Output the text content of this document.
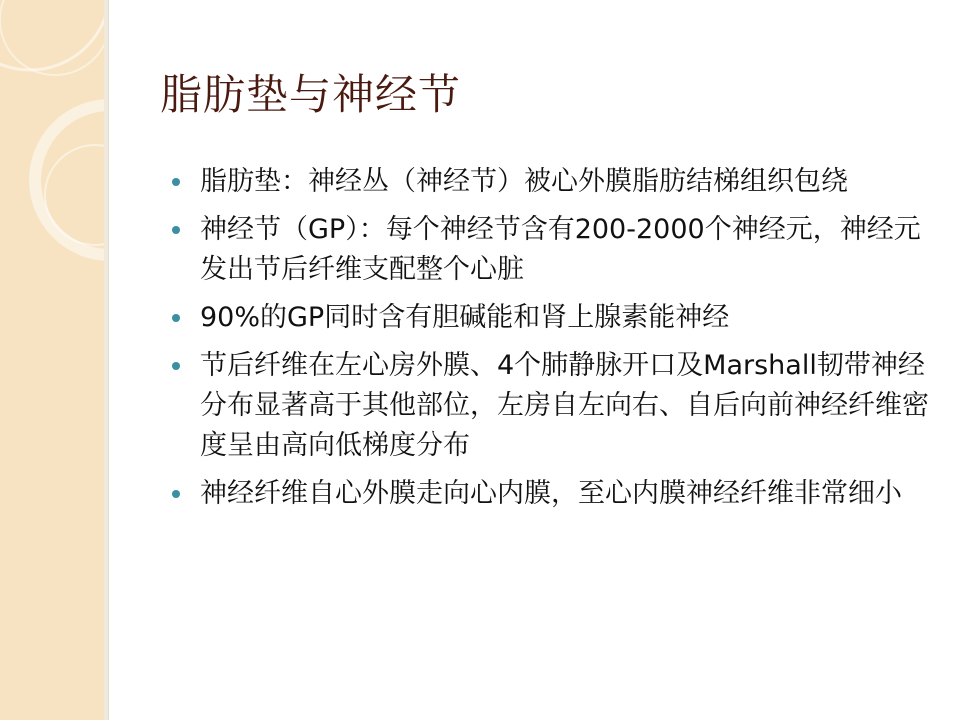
脂肪垫与神经节
脂肪垫：神经丛（神经节）被心外膜脂肪结梯组织包绕
神经节（GP）：每个神经节含有200-2000个神经元，神经元发出节后纤维支配整个心脏
90%的GP同时含有胆碱能和肾上腺素能神经
节后纤维在左心房外膜、4个肺静脉开口及Marshall韧带神经分布显著高于其他部位，左房自左向右、自后向前神经纤维密度呈由高向低梯度分布
神经纤维自心外膜走向心内膜，至心内膜神经纤维非常细小
